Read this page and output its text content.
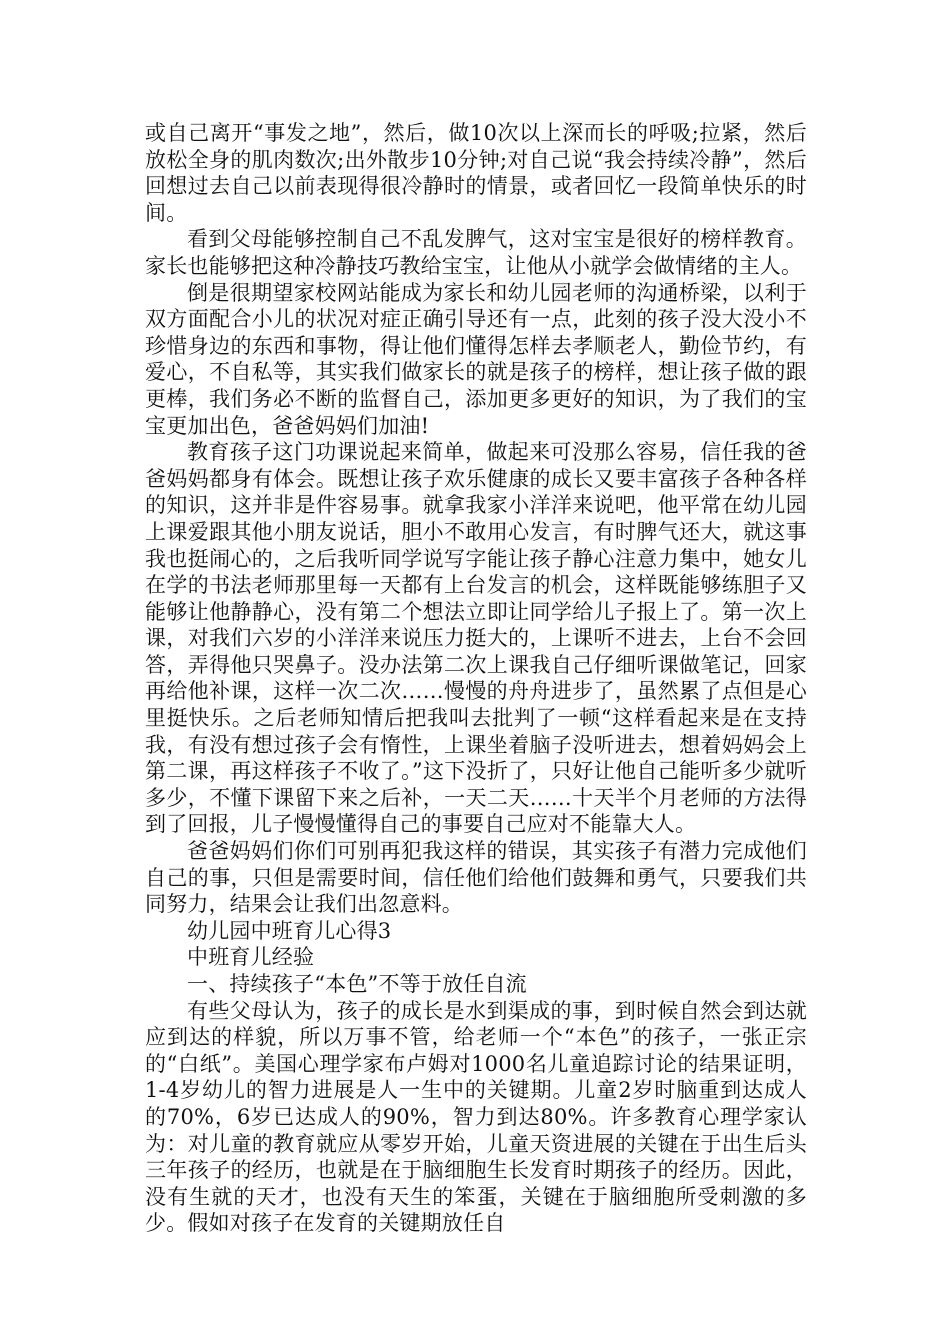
或自己离开“事发之地”，然后，做10次以上深而长的呼吸;拉紧，然后放松全身的肌肉数次;出外散步10分钟;对自己说“我会持续冷静”，然后回想过去自己以前表现得很冷静时的情景，或者回忆一段简单快乐的时间。

看到父母能够控制自己不乱发脾气，这对宝宝是很好的榜样教育。家长也能够把这种冷静技巧教给宝宝，让他从小就学会做情绪的主人。

倒是很期望家校网站能成为家长和幼儿园老师的沟通桥梁，以利于双方面配合小儿的状况对症正确引导还有一点，此刻的孩子没大没小不珍惜身边的东西和事物，得让他们懂得怎样去孝顺老人，勤俭节约，有爱心，不自私等，其实我们做家长的就是孩子的榜样，想让孩子做的跟更棒，我们务必不断的监督自己，添加更多更好的知识，为了我们的宝宝更加出色，爸爸妈妈们加油!

教育孩子这门功课说起来简单，做起来可没那么容易，信任我的爸爸妈妈都身有体会。既想让孩子欢乐健康的成长又要丰富孩子各种各样的知识，这并非是件容易事。就拿我家小洋洋来说吧，他平常在幼儿园上课爱跟其他小朋友说话，胆小不敢用心发言，有时脾气还大，就这事我也挺闹心的，之后我听同学说写字能让孩子静心注意力集中，她女儿在学的书法老师那里每一天都有上台发言的机会，这样既能够练胆子又能够让他静静心，没有第二个想法立即让同学给儿子报上了。第一次上课，对我们六岁的小洋洋来说压力挺大的，上课听不进去，上台不会回答，弄得他只哭鼻子。没办法第二次上课我自己仔细听课做笔记，回家再给他补课，这样一次二次……慢慢的舟舟进步了，虽然累了点但是心里挺快乐。之后老师知情后把我叫去批判了一顿“这样看起来是在支持我，有没有想过孩子会有惰性，上课坐着脑子没听进去，想着妈妈会上第二课，再这样孩子不收了。”这下没折了，只好让他自己能听多少就听多少，不懂下课留下来之后补，一天二天……十天半个月老师的方法得到了回报，儿子慢慢懂得自己的事要自己应对不能靠大人。

爸爸妈妈们你们可别再犯我这样的错误，其实孩子有潜力完成他们自己的事，只但是需要时间，信任他们给他们鼓舞和勇气，只要我们共同努力，结果会让我们出忽意料。

幼儿园中班育儿心得3

中班育儿经验

一、持续孩子“本色”不等于放任自流

有些父母认为，孩子的成长是水到渠成的事，到时候自然会到达就应到达的样貌，所以万事不管，给老师一个“本色”的孩子，一张正宗的“白纸”。美国心理学家布卢姆对1000名儿童追踪讨论的结果证明，1-4岁幼儿的智力进展是人一生中的关键期。儿童2岁时脑重到达成人的70%，6岁已达成人的90%，智力到达80%。许多教育心理学家认为：对儿童的教育就应从零岁开始，儿童天资进展的关键在于出生后头三年孩子的经历，也就是在于脑细胞生长发育时期孩子的经历。因此，没有生就的天才，也没有天生的笨蛋，关键在于脑细胞所受刺激的多少。假如对孩子在发育的关键期放任自
